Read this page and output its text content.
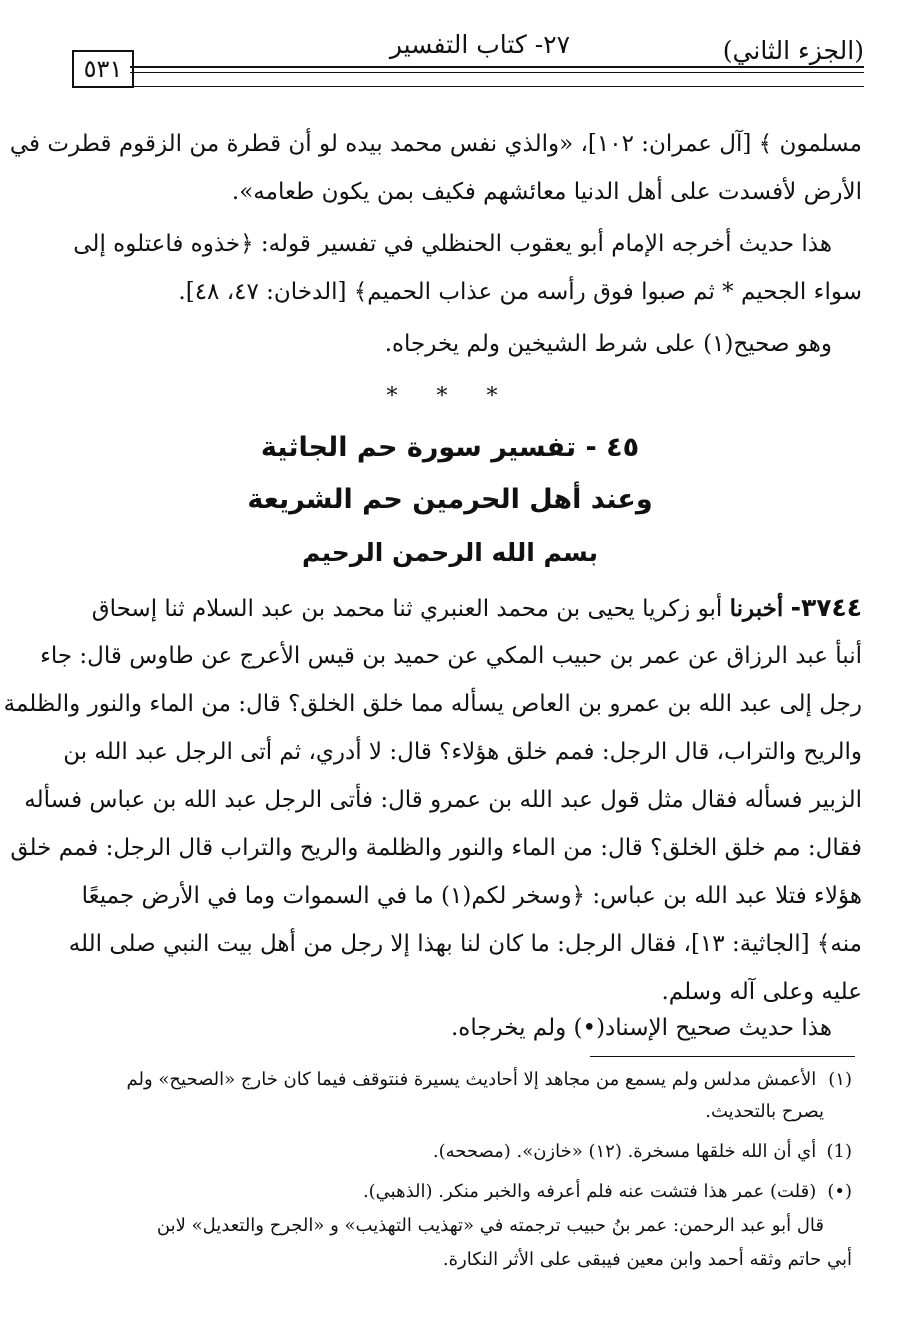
(الجزء الثاني)
٢٧- كتاب التفسير
٥٣١
مسلمون ﴾ [آل عمران: ١٠٢]، «والذي نفس محمد بيده لو أن قطرة من الزقوم قطرت في
الأرض لأفسدت على أهل الدنيا معائشهم فكيف بمن يكون طعامه».
هذا حديث أخرجه الإمام أبو يعقوب الحنظلي في تفسير قوله: ﴿خذوه فاعتلوه إلى
سواء الجحيم * ثم صبوا فوق رأسه من عذاب الحميم﴾ [الدخان: ٤٧، ٤٨].
وهو صحيح(١) على شرط الشيخين ولم يخرجاه.
* * *
٤٥ - تفسير سورة حم الجاثية
وعند أهل الحرمين حم الشريعة
بسم الله الرحمن الرحيم
٣٧٤٤- أخبرنا أبو زكريا يحيى بن محمد العنبري ثنا محمد بن عبد السلام ثنا إسحاق
أنبأ عبد الرزاق عن عمر بن حبيب المكي عن حميد بن قيس الأعرج عن طاوس قال: جاء
رجل إلى عبد الله بن عمرو بن العاص يسأله مما خلق الخلق؟ قال: من الماء والنور والظلمة
والريح والتراب، قال الرجل: فمم خلق هؤلاء؟ قال: لا أدري، ثم أتى الرجل عبد الله بن
الزبير فسأله فقال مثل قول عبد الله بن عمرو قال: فأتى الرجل عبد الله بن عباس فسأله
فقال: مم خلق الخلق؟ قال: من الماء والنور والظلمة والريح والتراب قال الرجل: فمم خلق
هؤلاء فتلا عبد الله بن عباس: ﴿وسخر لكم(١) ما في السموات وما في الأرض جميعًا
منه﴾ [الجاثية: ١٣]، فقال الرجل: ما كان لنا بهذا إلا رجل من أهل بيت النبي صلى الله
عليه وعلى آله وسلم.
هذا حديث صحيح الإسناد(•) ولم يخرجاه.
(١) الأعمش مدلس ولم يسمع من مجاهد إلا أحاديث يسيرة فنتوقف فيما كان خارج «الصحيح» ولم
يصرح بالتحديث.
(1) أي أن الله خلقها مسخرة. (١٢) «خازن». (مصححه).
(•) (قلت) عمر هذا فتشت عنه فلم أعرفه والخبر منكر. (الذهبي).
قال أبو عبد الرحمن: عمر بنُ حبيب ترجمته في «تهذيب التهذيب» و «الجرح والتعديل» لابن
أبي حاتم وثقه أحمد وابن معين فيبقى على الأثر النكارة.
